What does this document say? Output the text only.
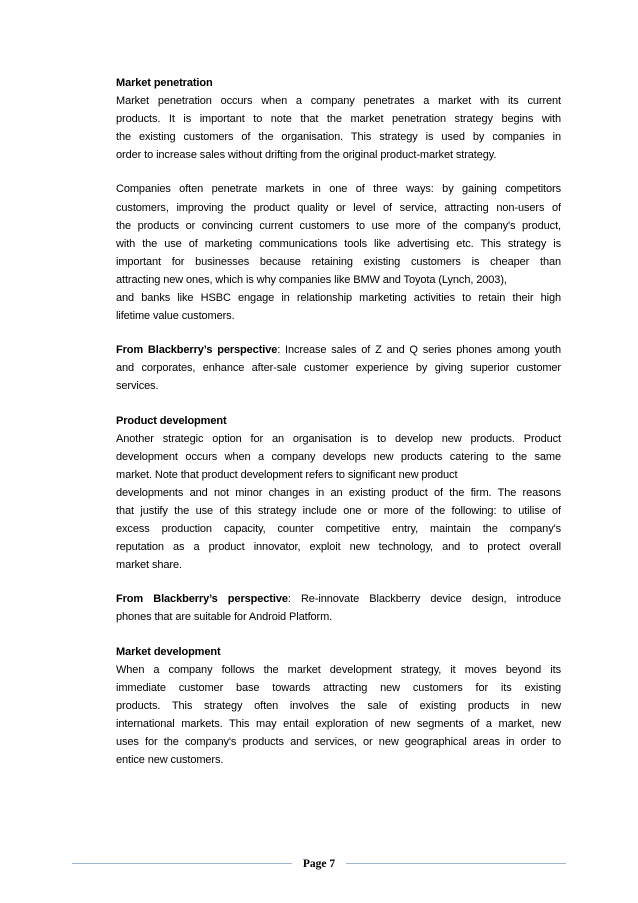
Market penetration
Market penetration occurs when a company penetrates a market with its current
products. It is important to note that the market penetration strategy begins with
the existing customers of the organisation. This strategy is used by companies in
order to increase sales without drifting from the original product-market strategy.
Companies often penetrate markets in one of three ways: by gaining competitors
customers, improving the product quality or level of service, attracting non-users of
the products or convincing current customers to use more of the company's product,
with the use of marketing communications tools like advertising etc. This strategy is
important for businesses because retaining existing customers is cheaper than
attracting new ones, which is why companies like BMW and Toyota (Lynch, 2003),
and banks like HSBC engage in relationship marketing activities to retain their high
lifetime value customers.
From Blackberry’s perspective: Increase sales of Z and Q series phones among youth
and corporates, enhance after-sale customer experience by giving superior customer
services.
Product development
Another strategic option for an organisation is to develop new products. Product
development occurs when a company develops new products catering to the same
market. Note that product development refers to significant new product
developments and not minor changes in an existing product of the firm. The reasons
that justify the use of this strategy include one or more of the following: to utilise of
excess production capacity, counter competitive entry, maintain the company's
reputation as a product innovator, exploit new technology, and to protect overall
market share.
From Blackberry’s perspective: Re-innovate Blackberry device design, introduce
phones that are suitable for Android Platform.
Market development
When a company follows the market development strategy, it moves beyond its
immediate customer base towards attracting new customers for its existing
products. This strategy often involves the sale of existing products in new
international markets. This may entail exploration of new segments of a market, new
uses for the company's products and services, or new geographical areas in order to
entice new customers.
Page 7
